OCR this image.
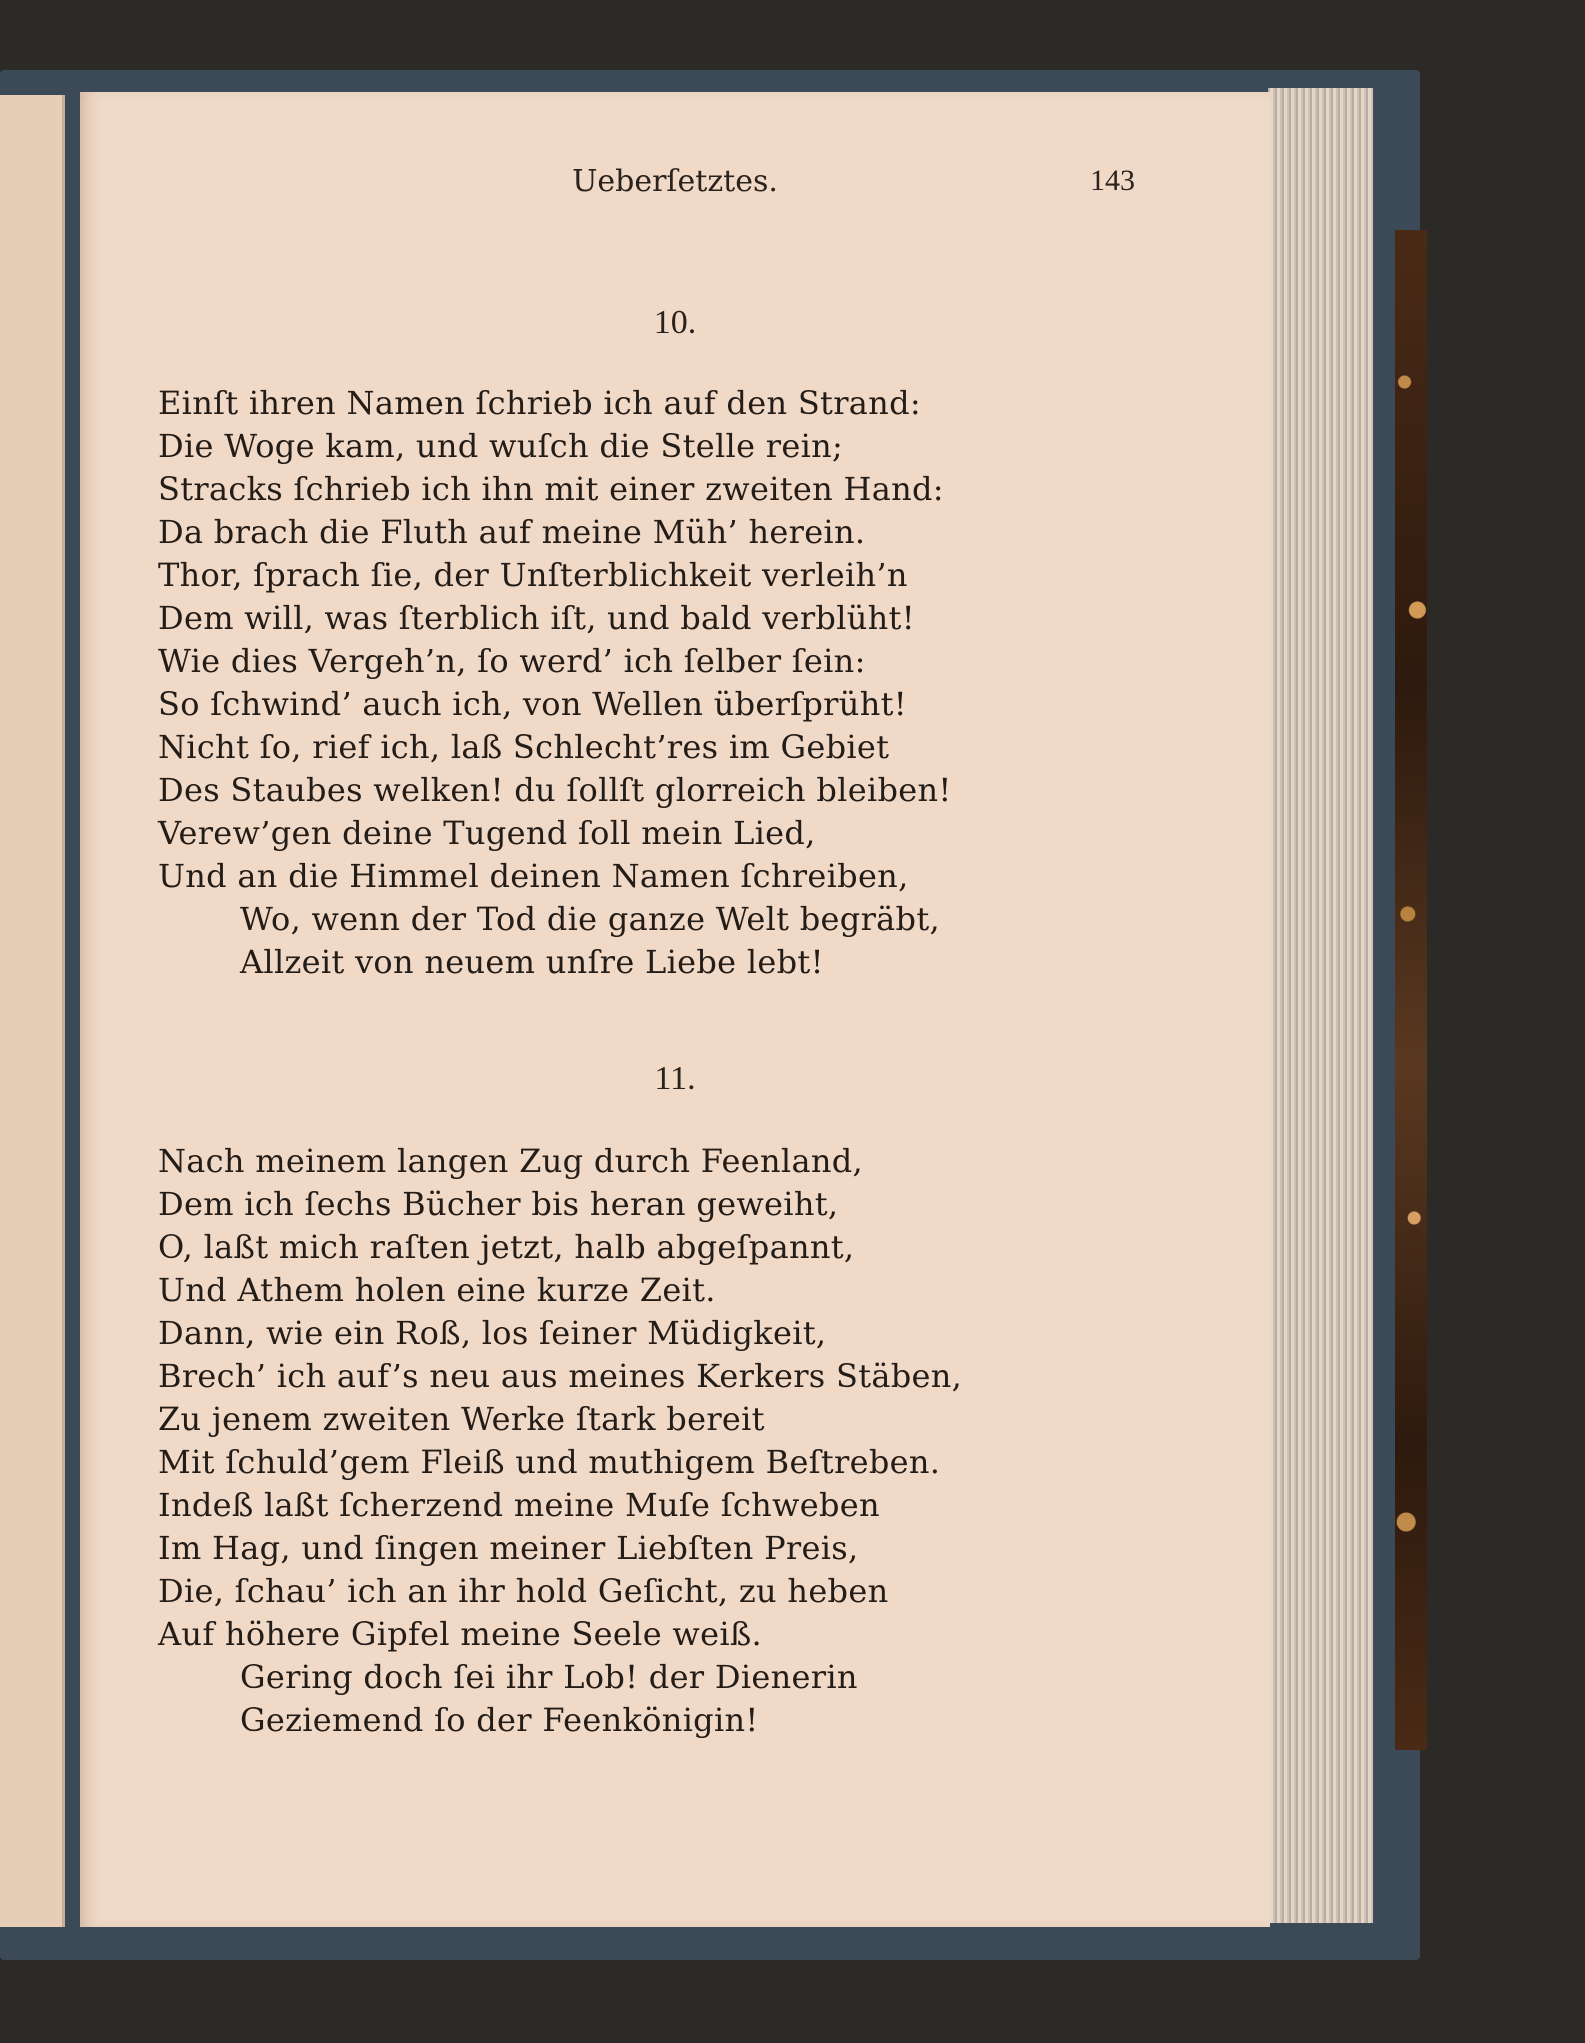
Ueberſetztes.	143
10.
Einſt ihren Namen ſchrieb ich auf den Strand:
Die Woge kam, und wuſch die Stelle rein;
Stracks ſchrieb ich ihn mit einer zweiten Hand:
Da brach die Fluth auf meine Müh’ herein.
Thor, ſprach ſie, der Unſterblichkeit verleih’n
Dem will, was ſterblich iſt, und bald verblüht!
Wie dies Vergeh’n, ſo werd’ ich ſelber ſein:
So ſchwind’ auch ich, von Wellen überſprüht!
Nicht ſo, rief ich, laß Schlecht’res im Gebiet
Des Staubes welken! du ſollſt glorreich bleiben!
Verew’gen deine Tugend ſoll mein Lied,
Und an die Himmel deinen Namen ſchreiben,
Wo, wenn der Tod die ganze Welt begräbt,
Allzeit von neuem unſre Liebe lebt!
11.
Nach meinem langen Zug durch Feenland,
Dem ich ſechs Bücher bis heran geweiht,
O, laßt mich raſten jetzt, halb abgeſpannt,
Und Athem holen eine kurze Zeit.
Dann, wie ein Roß, los ſeiner Müdigkeit,
Brech’ ich auf’s neu aus meines Kerkers Stäben,
Zu jenem zweiten Werke ſtark bereit
Mit ſchuld’gem Fleiß und muthigem Beſtreben.
Indeß laßt ſcherzend meine Muſe ſchweben
Im Hag, und ſingen meiner Liebſten Preis,
Die, ſchau’ ich an ihr hold Geſicht, zu heben
Auf höhere Gipfel meine Seele weiß.
Gering doch ſei ihr Lob! der Dienerin
Geziemend ſo der Feenkönigin!
